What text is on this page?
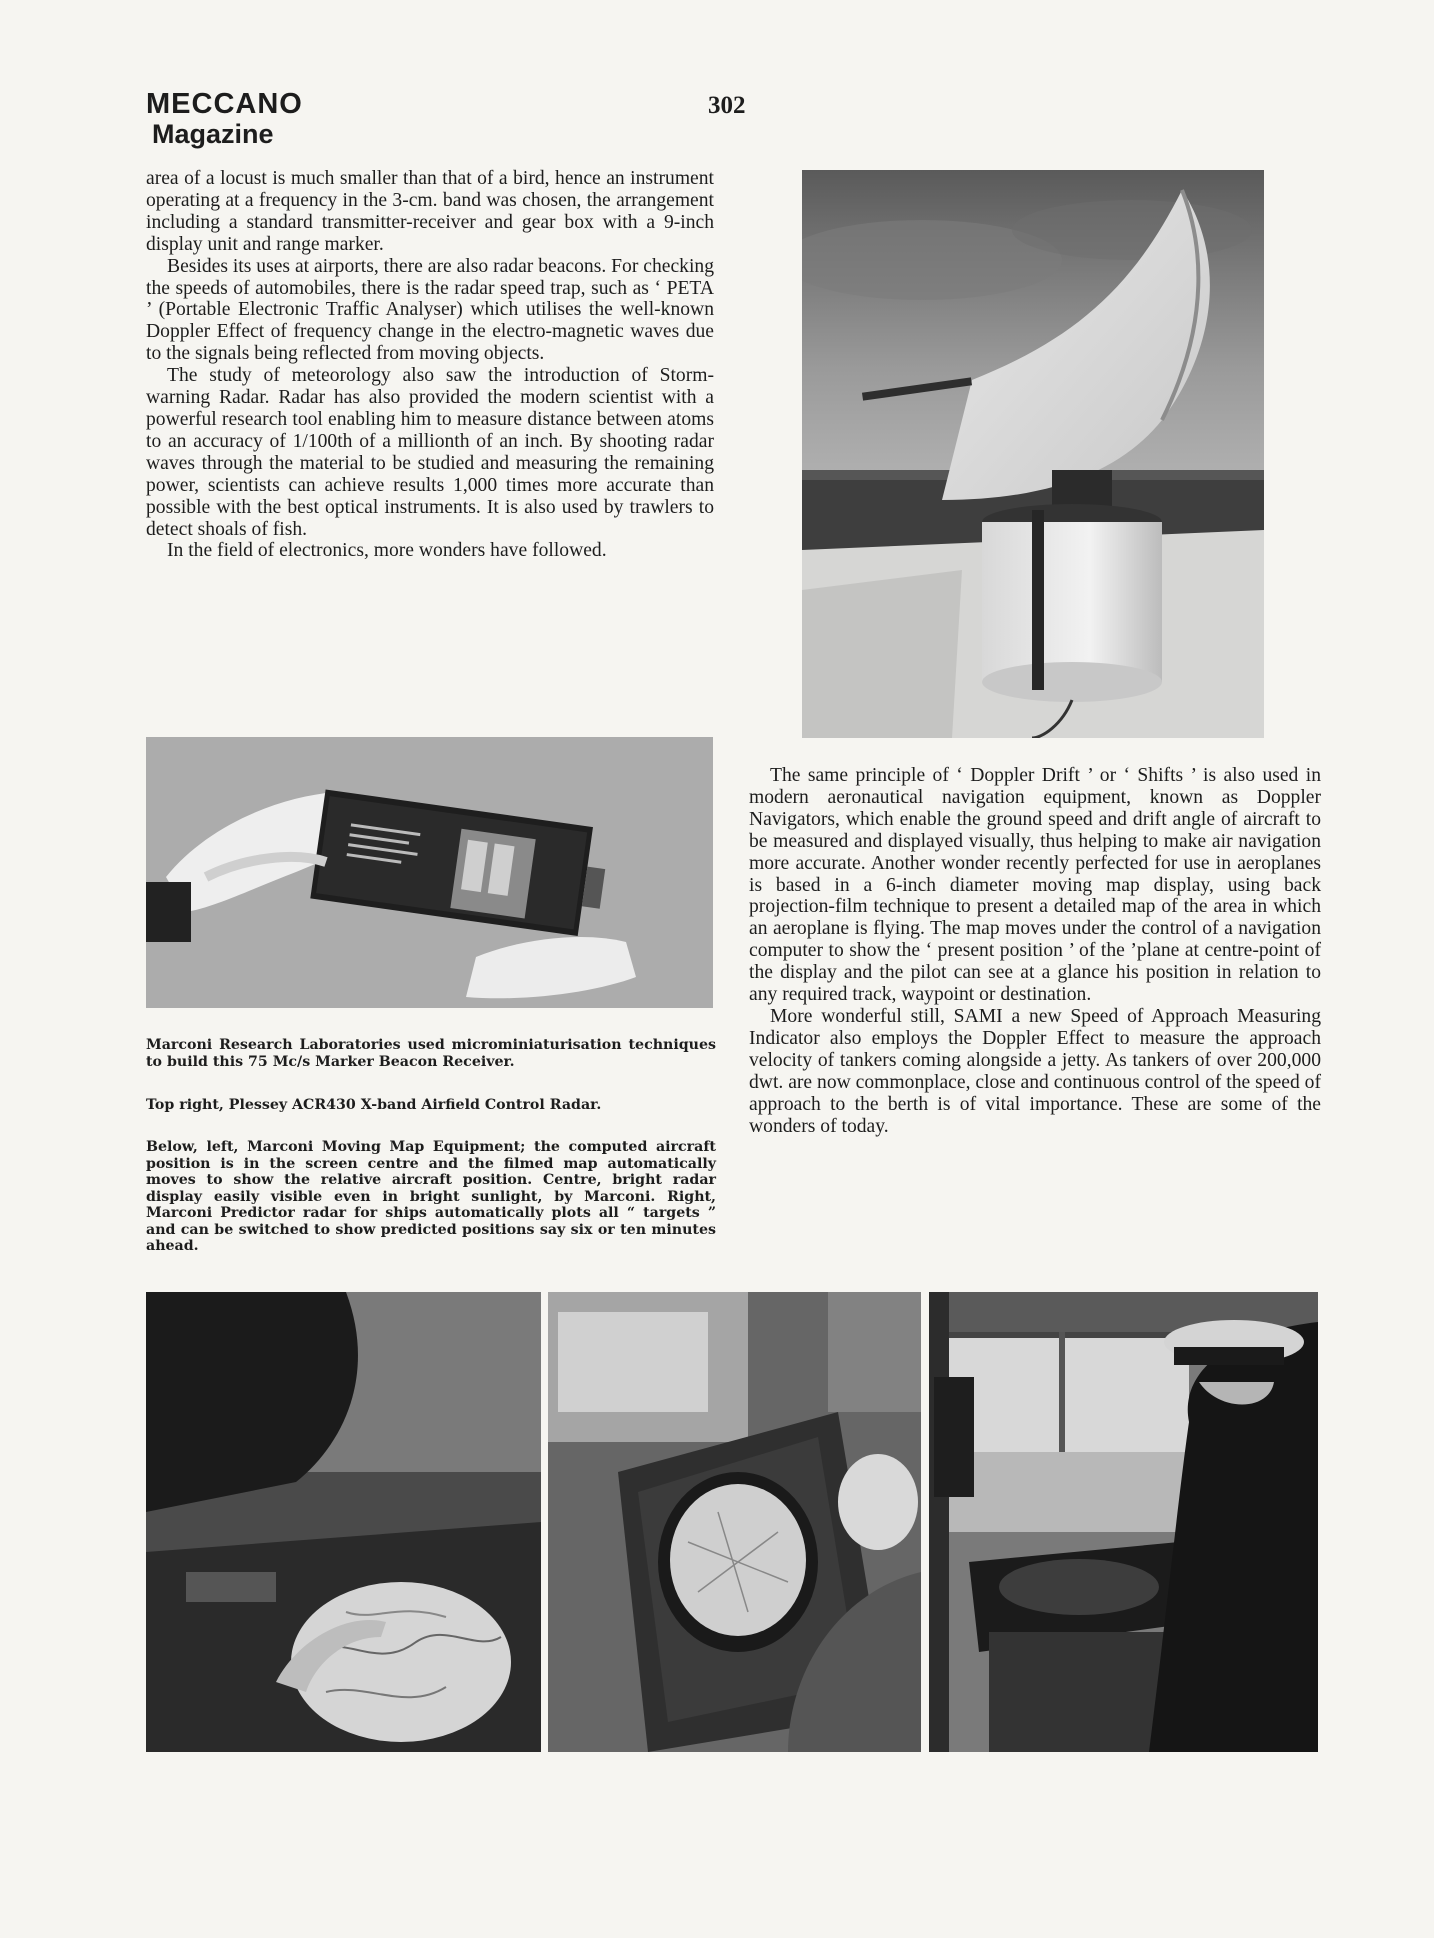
MECCANO
Magazine
302

area of a locust is much smaller than that of a bird, hence an instrument operating at a frequency in the 3-cm. band was chosen, the arrangement including a standard transmitter-receiver and gear box with a 9-inch display unit and range marker.

Besides its uses at airports, there are also radar beacons. For checking the speeds of automobiles, there is the radar speed trap, such as ‘ PETA ’ (Portable Electronic Traffic Analyser) which utilises the well-known Doppler Effect of frequency change in the electro-magnetic waves due to the signals being reflected from moving objects.

The study of meteorology also saw the introduction of Storm-warning Radar. Radar has also provided the modern scientist with a powerful research tool enabling him to measure distance between atoms to an accuracy of 1/100th of a millionth of an inch. By shooting radar waves through the material to be studied and measuring the remaining power, scientists can achieve results 1,000 times more accurate than possible with the best optical instruments. It is also used by trawlers to detect shoals of fish.

In the field of electronics, more wonders have followed.

Marconi Research Laboratories used microminiaturisation techniques to build this 75 Mc/s Marker Beacon Receiver.
Top right, Plessey ACR430 X-band Airfield Control Radar.
Below, left, Marconi Moving Map Equipment; the computed aircraft position is in the screen centre and the filmed map automatically moves to show the relative aircraft position. Centre, bright radar display easily visible even in bright sunlight, by Marconi. Right, Marconi Predictor radar for ships automatically plots all “ targets ” and can be switched to show predicted positions say six or ten minutes ahead.

The same principle of ‘ Doppler Drift ’ or ‘ Shifts ’ is also used in modern aeronautical navigation equipment, known as Doppler Navigators, which enable the ground speed and drift angle of aircraft to be measured and displayed visually, thus helping to make air navigation more accurate. Another wonder recently perfected for use in aeroplanes is based in a 6-inch diameter moving map display, using back projection-film technique to present a detailed map of the area in which an aeroplane is flying. The map moves under the control of a navigation computer to show the ‘ present position ’ of the ’plane at centre-point of the display and the pilot can see at a glance his position in relation to any required track, waypoint or destination.

More wonderful still, SAMI a new Speed of Approach Measuring Indicator also employs the Doppler Effect to measure the approach velocity of tankers coming alongside a jetty. As tankers of over 200,000 dwt. are now commonplace, close and continuous control of the speed of approach to the berth is of vital importance. These are some of the wonders of today.
